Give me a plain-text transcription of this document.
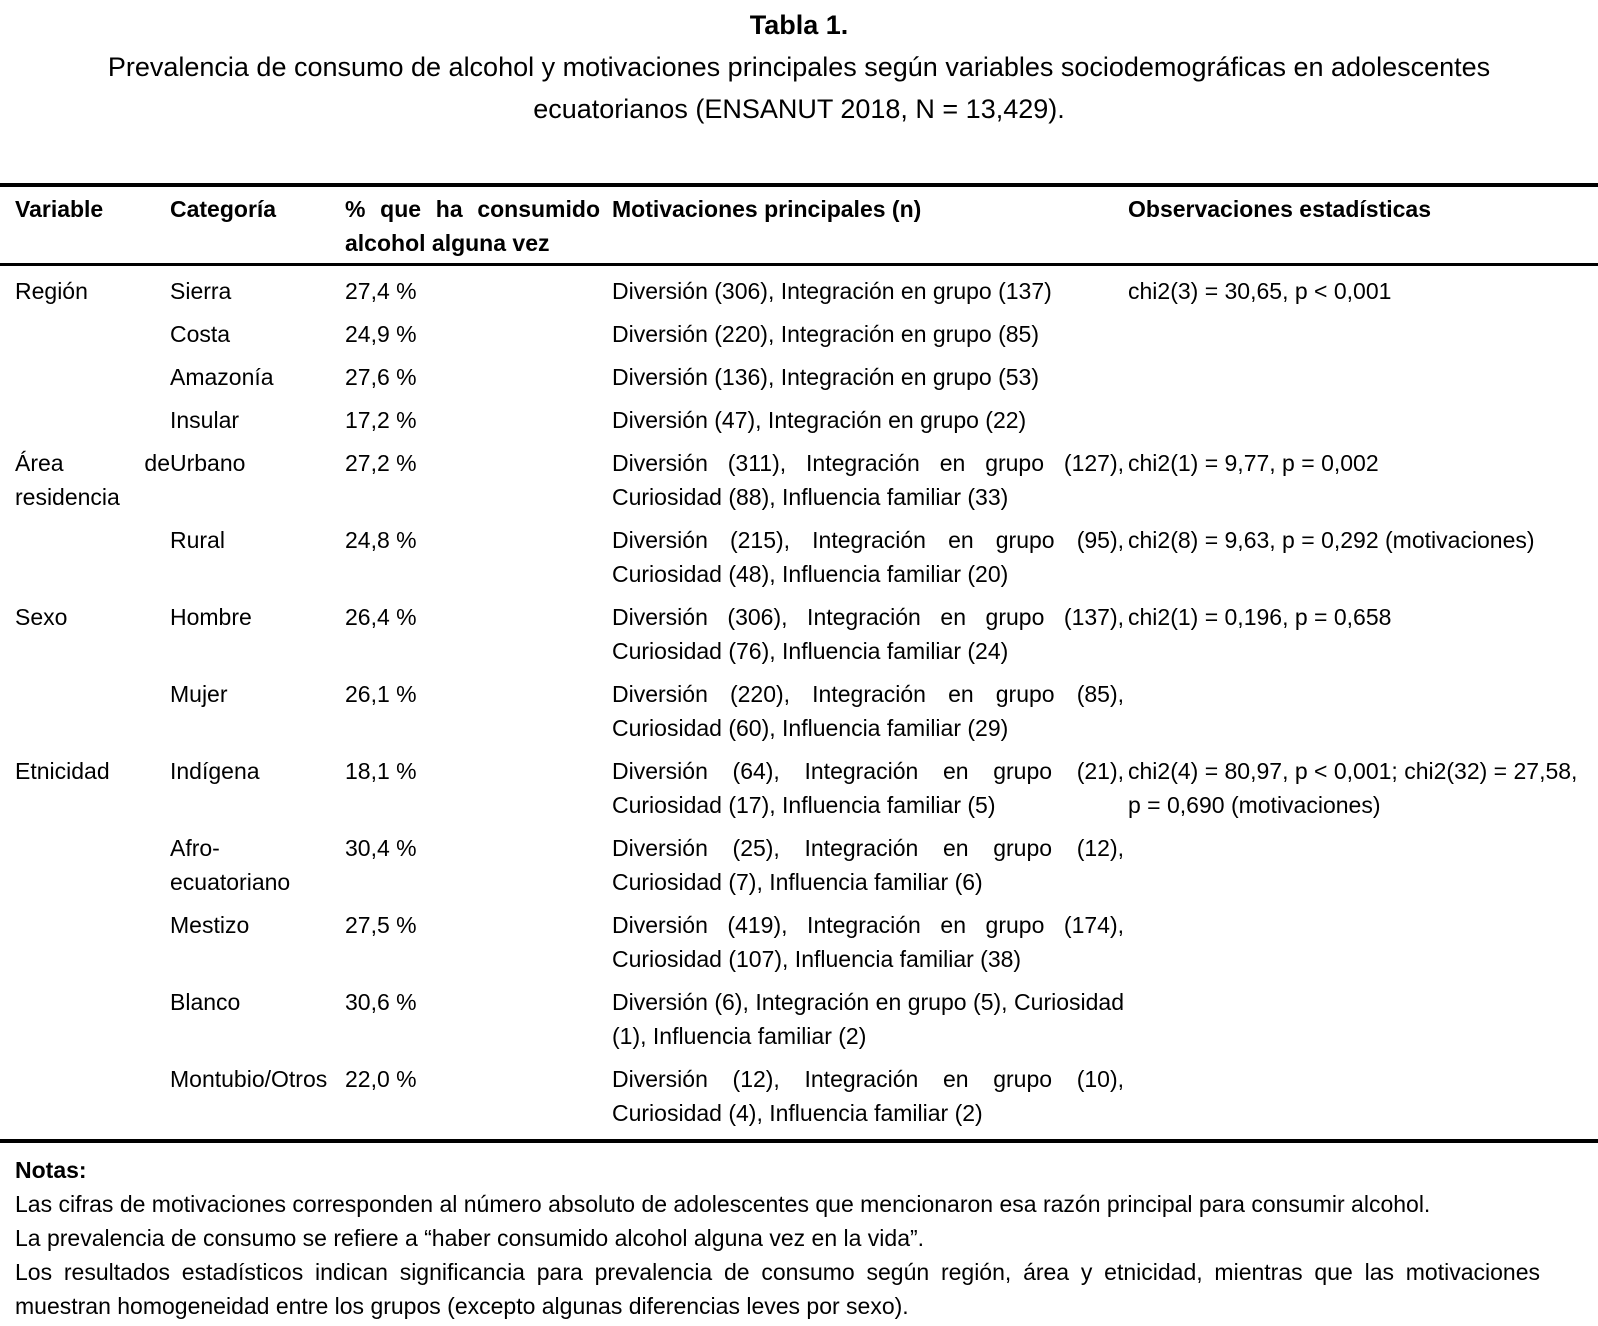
Tabla 1.
Prevalencia de consumo de alcohol y motivaciones principales según variables sociodemográficas en adolescentes ecuatorianos (ENSANUT 2018, N = 13,429).
Variable	Categoría	% que ha consumido alcohol alguna vez	Motivaciones principales (n)	Observaciones estadísticas
Región	Sierra	27,4 %	Diversión (306), Integración en grupo (137)	chi2(3) = 30,65, p < 0,001
	Costa	24,9 %	Diversión (220), Integración en grupo (85)	
	Amazonía	27,6 %	Diversión (136), Integración en grupo (53)	
	Insular	17,2 %	Diversión (47), Integración en grupo (22)	
Área de residencia	Urbano	27,2 %	Diversión (311), Integración en grupo (127), Curiosidad (88), Influencia familiar (33)	chi2(1) = 9,77, p = 0,002
	Rural	24,8 %	Diversión (215), Integración en grupo (95), Curiosidad (48), Influencia familiar (20)	chi2(8) = 9,63, p = 0,292 (motivaciones)
Sexo	Hombre	26,4 %	Diversión (306), Integración en grupo (137), Curiosidad (76), Influencia familiar (24)	chi2(1) = 0,196, p = 0,658
	Mujer	26,1 %	Diversión (220), Integración en grupo (85), Curiosidad (60), Influencia familiar (29)	
Etnicidad	Indígena	18,1 %	Diversión (64), Integración en grupo (21), Curiosidad (17), Influencia familiar (5)	chi2(4) = 80,97, p < 0,001; chi2(32) = 27,58, p = 0,690 (motivaciones)
	Afro-ecuatoriano	30,4 %	Diversión (25), Integración en grupo (12), Curiosidad (7), Influencia familiar (6)	
	Mestizo	27,5 %	Diversión (419), Integración en grupo (174), Curiosidad (107), Influencia familiar (38)	
	Blanco	30,6 %	Diversión (6), Integración en grupo (5), Curiosidad (1), Influencia familiar (2)	
	Montubio/Otros	22,0 %	Diversión (12), Integración en grupo (10), Curiosidad (4), Influencia familiar (2)	

Notas:

Las cifras de motivaciones corresponden al número absoluto de adolescentes que mencionaron esa razón principal para consumir alcohol.

La prevalencia de consumo se refiere a “haber consumido alcohol alguna vez en la vida”.

Los resultados estadísticos indican significancia para prevalencia de consumo según región, área y etnicidad, mientras que las motivaciones muestran homogeneidad entre los grupos (excepto algunas diferencias leves por sexo).
